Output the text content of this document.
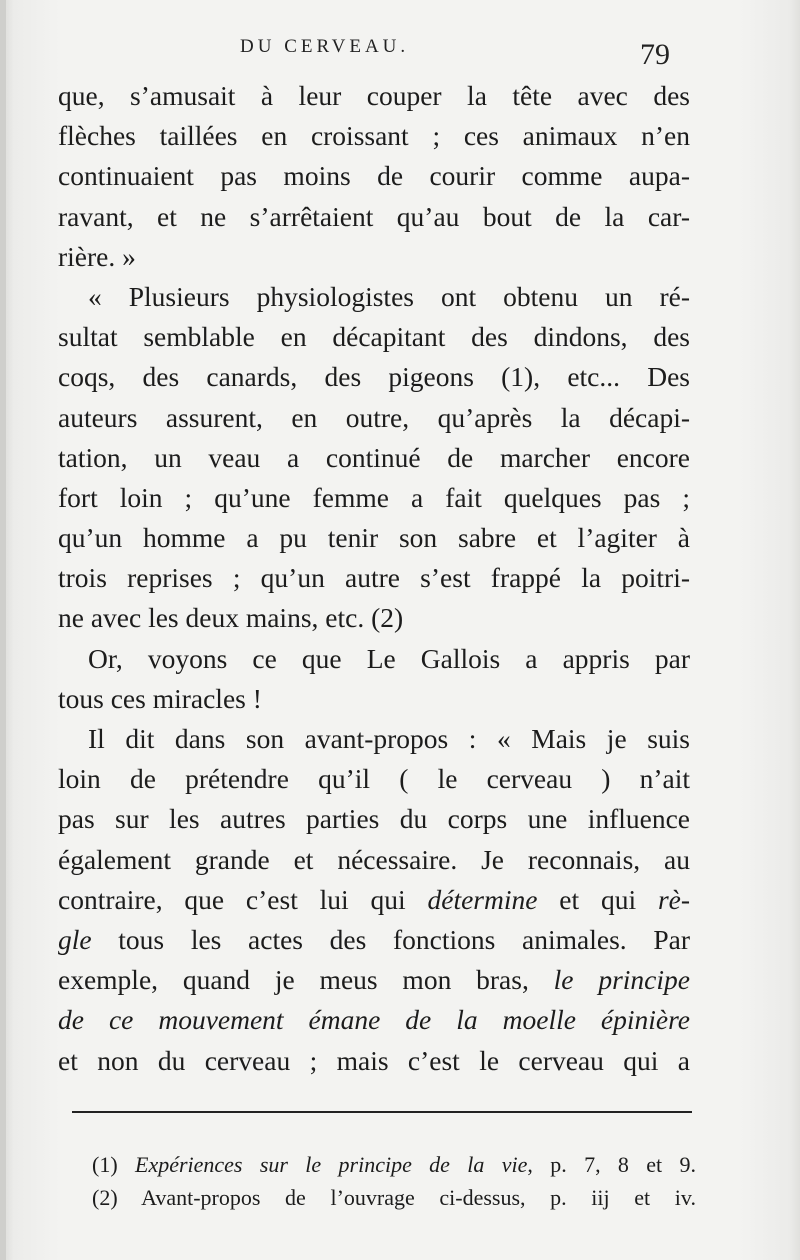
DU CERVEAU.	79
que, s’amusait à leur couper la tête avec des
flèches taillées en croissant ; ces animaux n’en
continuaient pas moins de courir comme aupa-
ravant, et ne s’arrêtaient qu’au bout de la car-
rière. »
« Plusieurs physiologistes ont obtenu un ré-
sultat semblable en décapitant des dindons, des
coqs, des canards, des pigeons (1), etc... Des
auteurs assurent, en outre, qu’après la décapi-
tation, un veau a continué de marcher encore
fort loin ; qu’une femme a fait quelques pas ;
qu’un homme a pu tenir son sabre et l’agiter à
trois reprises ; qu’un autre s’est frappé la poitri-
ne avec les deux mains, etc. (2)
Or, voyons ce que Le Gallois a appris par
tous ces miracles !
Il dit dans son avant-propos : « Mais je suis
loin de prétendre qu’il ( le cerveau ) n’ait
pas sur les autres parties du corps une influence
également grande et nécessaire. Je reconnais, au
contraire, que c’est lui qui détermine et qui rè-
gle tous les actes des fonctions animales. Par
exemple, quand je meus mon bras, le principe
de ce mouvement émane de la moelle épinière
et non du cerveau ; mais c’est le cerveau qui a
(1) Expériences sur le principe de la vie, p. 7, 8 et 9.
(2) Avant-propos de l’ouvrage ci-dessus, p. iij et iv.
